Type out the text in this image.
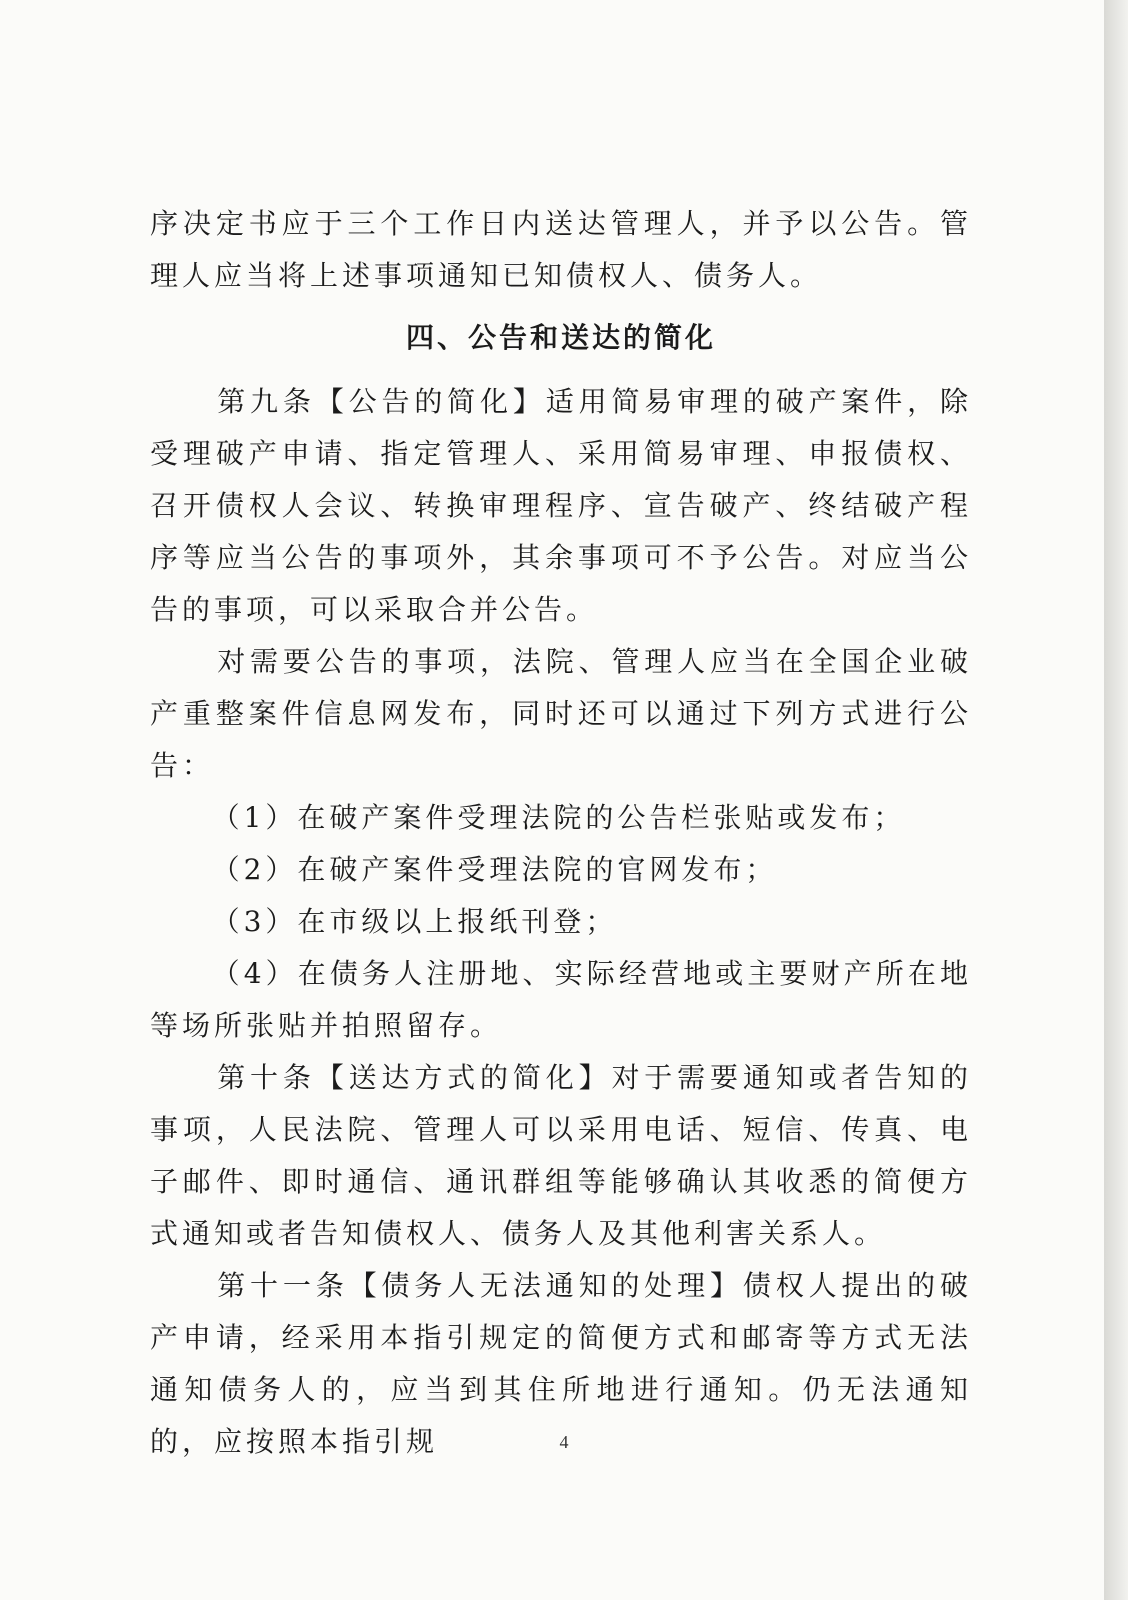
序决定书应于三个工作日内送达管理人，并予以公告。管理人应当将上述事项通知已知债权人、债务人。

四、公告和送达的简化

第九条【公告的简化】适用简易审理的破产案件，除受理破产申请、指定管理人、采用简易审理、申报债权、召开债权人会议、转换审理程序、宣告破产、终结破产程序等应当公告的事项外，其余事项可不予公告。对应当公告的事项，可以采取合并公告。

对需要公告的事项，法院、管理人应当在全国企业破产重整案件信息网发布，同时还可以通过下列方式进行公告：

（1）在破产案件受理法院的公告栏张贴或发布；

（2）在破产案件受理法院的官网发布；

（3）在市级以上报纸刊登；

（4）在债务人注册地、实际经营地或主要财产所在地等场所张贴并拍照留存。

第十条【送达方式的简化】对于需要通知或者告知的事项，人民法院、管理人可以采用电话、短信、传真、电子邮件、即时通信、通讯群组等能够确认其收悉的简便方式通知或者告知债权人、债务人及其他利害关系人。

第十一条【债务人无法通知的处理】债权人提出的破产申请，经采用本指引规定的简便方式和邮寄等方式无法通知债务人的，应当到其住所地进行通知。仍无法通知的，应按照本指引规	4
